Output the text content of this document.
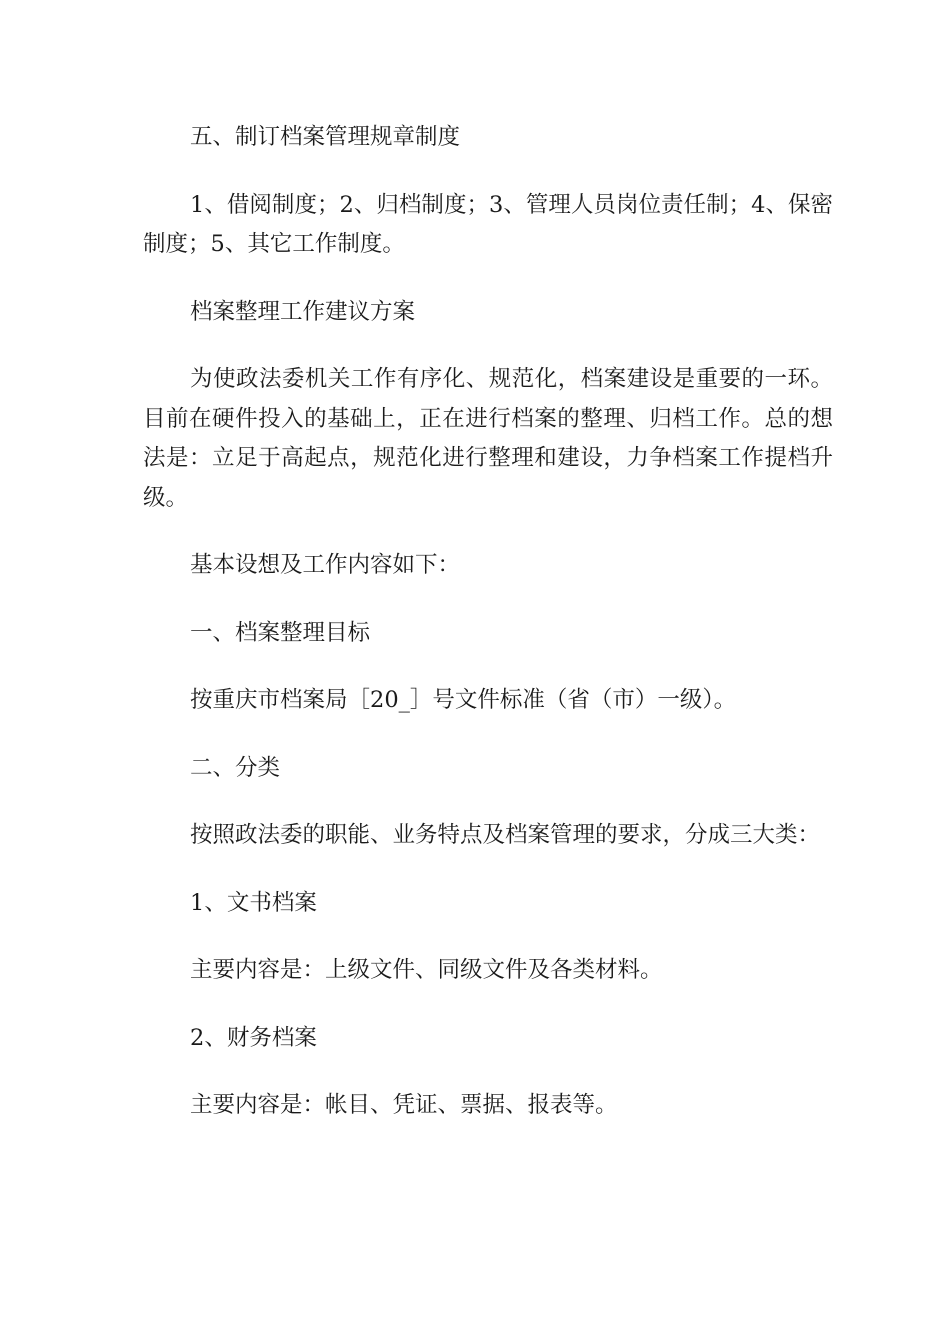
五、制订档案管理规章制度

1、借阅制度；2、归档制度；3、管理人员岗位责任制；4、保密制度；5、其它工作制度。

档案整理工作建议方案

为使政法委机关工作有序化、规范化，档案建设是重要的一环。目前在硬件投入的基础上，正在进行档案的整理、归档工作。总的想法是：立足于高起点，规范化进行整理和建设，力争档案工作提档升级。

基本设想及工作内容如下：

一、档案整理目标

按重庆市档案局［20_］号文件标准（省（市）一级）。

二、分类

按照政法委的职能、业务特点及档案管理的要求，分成三大类：

1、文书档案

主要内容是：上级文件、同级文件及各类材料。

2、财务档案

主要内容是：帐目、凭证、票据、报表等。
